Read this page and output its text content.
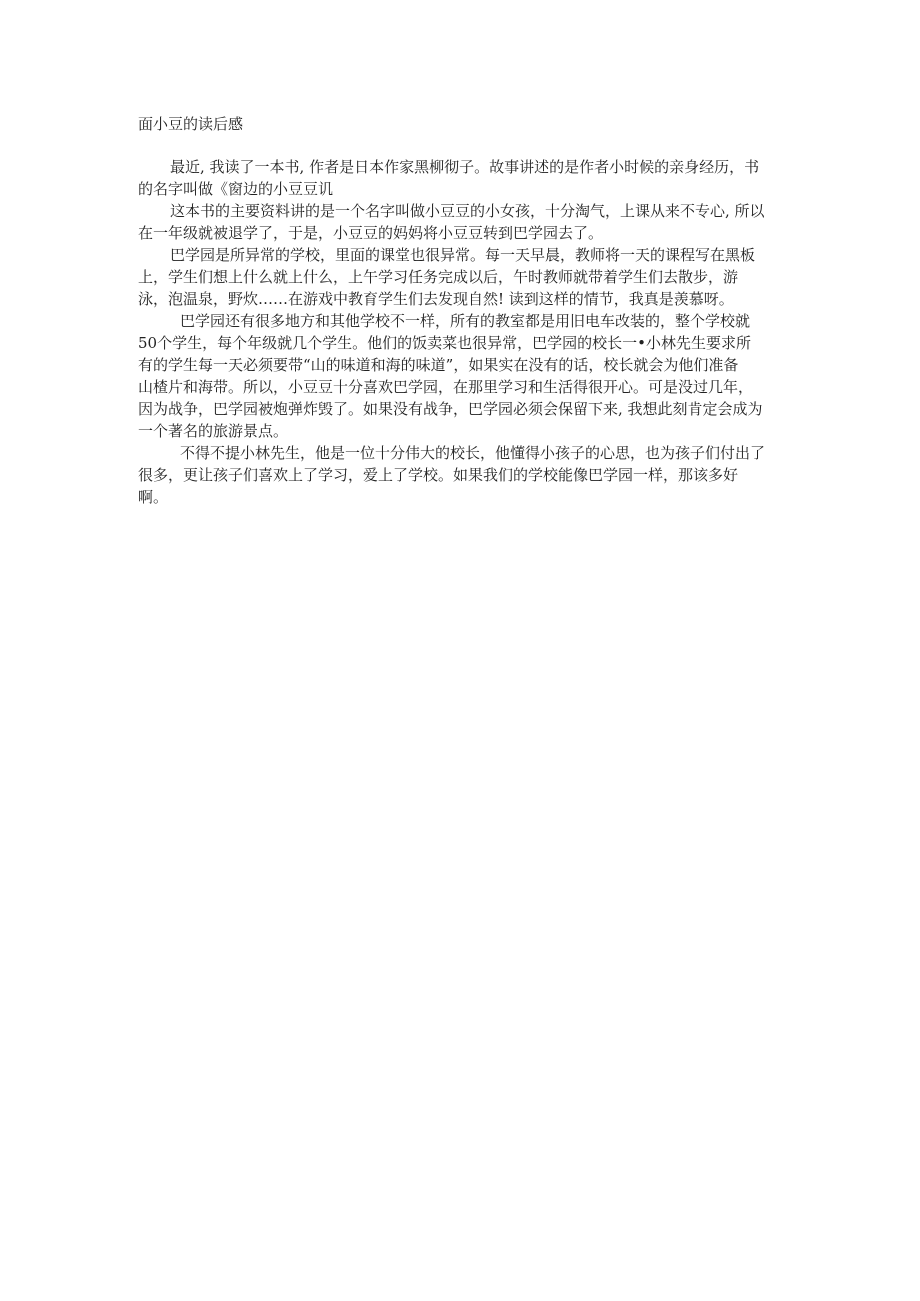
面小豆的读后感

最近, 我读了一本书, 作者是日本作家黑柳彻子。故事讲述的是作者小时候的亲身经历，书
的名字叫做《窗边的小豆豆讥

这本书的主要资料讲的是一个名字叫做小豆豆的小女孩，十分淘气，上课从来不专心, 所以
在一年级就被退学了，于是，小豆豆的妈妈将小豆豆转到巴学园去了。

巴学园是所异常的学校，里面的课堂也很异常。每一天早晨，教师将一天的课程写在黑板
上，学生们想上什么就上什么，上午学习任务完成以后，午时教师就带着学生们去散步，游
泳，泡温泉，野炊……在游戏中教育学生们去发现自然! 读到这样的情节，我真是羡慕呀。

巴学园还有很多地方和其他学校不一样，所有的教室都是用旧电车改装的，整个学校就
50个学生，每个年级就几个学生。他们的饭卖菜也很异常，巴学园的校长一•小林先生要求所
有的学生每一天必须要带“山的味道和海的味道”，如果实在没有的话，校长就会为他们准备
山楂片和海带。所以，小豆豆十分喜欢巴学园，在那里学习和生活得很开心。可是没过几年，
因为战争，巴学园被炮弹炸毁了。如果没有战争，巴学园必须会保留下来, 我想此刻肯定会成为
一个著名的旅游景点。

不得不提小林先生，他是一位十分伟大的校长，他懂得小孩子的心思，也为孩子们付出了
很多，更让孩子们喜欢上了学习，爱上了学校。如果我们的学校能像巴学园一样，那该多好
啊。
